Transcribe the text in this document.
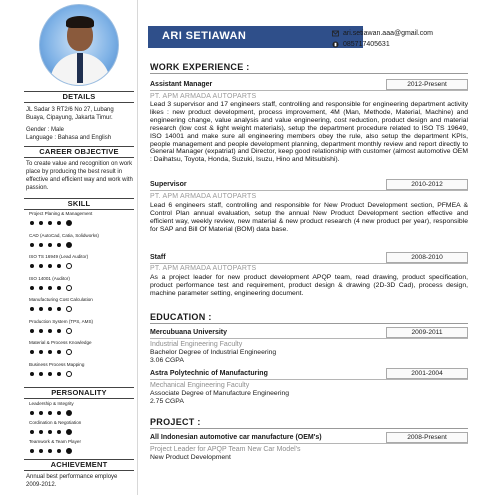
DETAILS
JL Sadar 3 RT2/6 No 27, Lubang Buaya, Cipayung, Jakarta Timur.
Gender : Male
Language : Bahasa and English
CAREER OBJECTIVE
To create value and recognition on work place by producing the best result in effective and efficient way and work with passion.
SKILL
Project Planing & Management
CAD (AutoCad, Catia, Solidworks)
ISO TS 16949 (Lead Auditor)
ISO 14001 (Auditor)
Manufacturing Cost Calculation
Production System (TPS, AMS)
Material & Process Knowledge
Business Process Mapping
PERSONALITY
Leadership & Integrity
Cordination & Negotiation
Teamwork & Team Player
ACHIEVEMENT
Annual best performance employe 2009-2012.
ARI SETIAWAN	ari.setiawan.aaa@gmail.com
085717405631
WORK EXPERIENCE :
Assistant Manager	2012-Present
PT. APM ARMADA AUTOPARTS
Lead 3 supervisor and 17 engineers staff, controlling and responsible for engineering department activity likes : new product development, process improvement, 4M (Man, Methode, Material, Machine) and engineering change, value analysis and value engineering, cost reduction, product design and material research (low cost & light weight materials), setup the department procedure related to ISO TS 19649, ISO 14001 and make sure all engineering members obey the rule, also setup the department KPIs, people management and people development planning, department monthly review and report directly to General Manager (expatriat) and Director, keep good relationship with customer (almost automotive OEM : Daihatsu, Toyota, Honda, Suzuki, Isuzu, Hino and Mitsubishi).
Supervisor	2010-2012
PT. APM ARMADA AUTOPARTS
Lead 6 engineers staff, controlling and responsible for New Product Development section, PFMEA & Control Plan annual evaluation, setup the annual New Product Development section effective and efficient way, weekly review, new material & new product research (4 new product per year), responsible for SAP and Bill Of Material (BOM) data base.
Staff	2008-2010
PT. APM ARMADA AUTOPARTS
As a project leader for new product development APQP team, read drawing, product specification, product performance test and requirement, product design & drawing (2D-3D Cad), process design, machine parameter setting, engineering document.
EDUCATION :
Mercubuana University	2009-2011
Industrial Engineering Faculty
Bachelor Degree of Industrial Engineering
3.06 CGPA
Astra Polytechnic of Manufacturing	2001-2004
Mechanical Engineering Faculty
Associate Degree of Manufacture Engineering
2.75 CGPA
PROJECT :
All Indonesian automotive car manufacture (OEM's)	2008-Present
Project Leader for APQP Team New Car Model's
New Product Development
